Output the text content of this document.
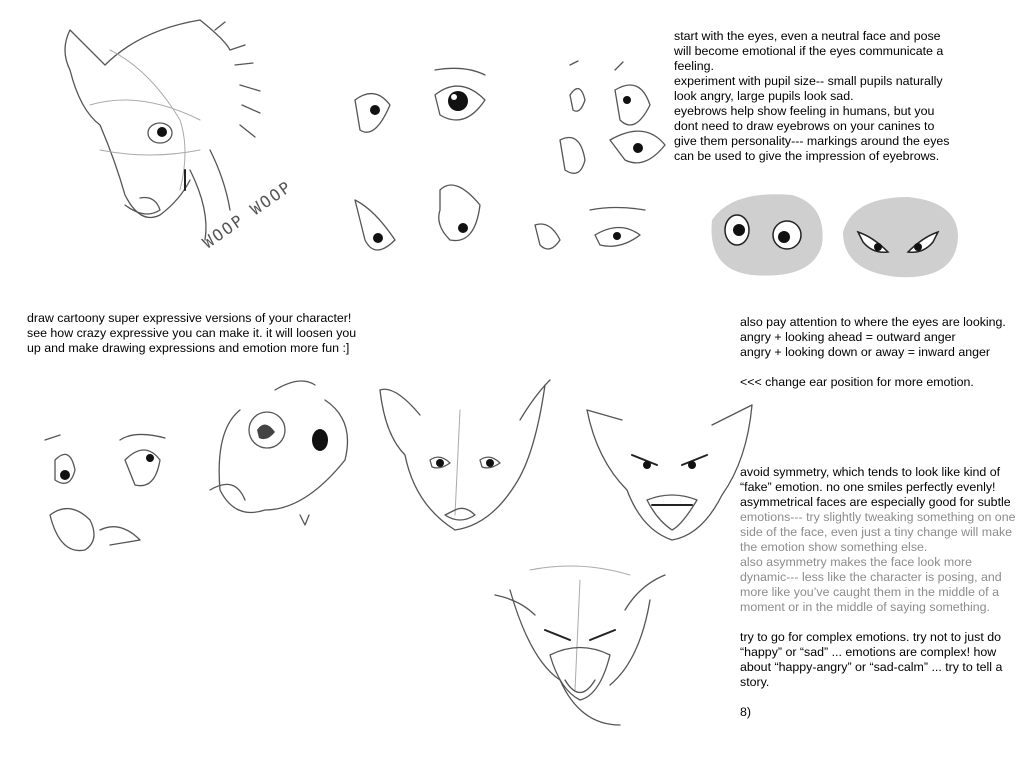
start with the eyes, even a neutral face and pose
will become emotional if the eyes communicate a
feeling.
experiment with pupil size-- small pupils naturally
look angry, large pupils look sad.
eyebrows help show feeling in humans, but you
dont need to draw eyebrows on your canines to
give them personality--- markings around the eyes
can be used to give the impression of eyebrows.
draw cartoony super expressive versions of your character!
see how crazy expressive you can make it. it will loosen you
up and make drawing expressions and emotion more fun :]
also pay attention to where the eyes are looking.
angry + looking ahead = outward anger
angry + looking down or away = inward anger
<<< change ear position for more emotion.

avoid symmetry, which tends to look like kind of
“fake” emotion. no one smiles perfectly evenly!
asymmetrical faces are especially good for subtle
emotions--- try slightly tweaking something on one
side of the face, even just a tiny change will make
the emotion show something else.

also asymmetry makes the face look more
dynamic--- less like the character is posing, and
more like you’ve caught them in the middle of a
moment or in the middle of saying something.
try to go for complex emotions. try not to just do
“happy” or “sad” ... emotions are complex! how
about “happy-angry” or “sad-calm” ... try to tell a
story.
8)
WOOP WOOP
